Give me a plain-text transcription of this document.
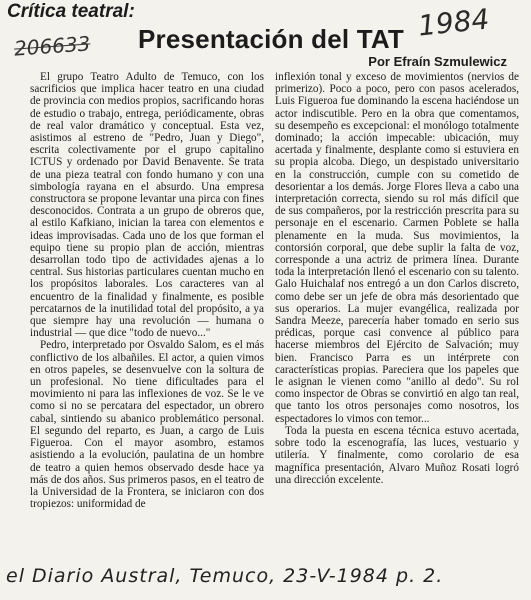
Crítica teatral:
206633
1984
Presentación del TAT
Por Efraín Szmulewicz

El grupo Teatro Adulto de Temuco, con los sacrificios que implica hacer teatro en una ciudad de provincia con medios propios, sacrificando horas de estudio o trabajo, entrega, periódicamente, obras de real valor dramático y conceptual. Esta vez, asistimos al estreno de "Pedro, Juan y Diego", escrita colectivamente por el grupo capitalino ICTUS y ordenado por David Benavente. Se trata de una pieza teatral con fondo humano y con una simbología rayana en el absurdo. Una empresa constructora se propone levantar una pirca con fines desconocidos. Contrata a un grupo de obreros que, al estilo Kafkiano, inician la tarea con elementos e ideas improvisadas. Cada uno de los que forman el equipo tiene su propio plan de acción, mientras desarrollan todo tipo de actividades ajenas a lo central. Sus historias particulares cuentan mucho en los propósitos laborales. Los caracteres van al encuentro de la finalidad y finalmente, es posible percatarnos de la inutilidad total del propósito, a ya que siempre hay una revolución — humana o industrial — que dice "todo de nuevo..."

Pedro, interpretado por Osvaldo Salom, es el más conflictivo de los albañiles. El actor, a quien vimos en otros papeles, se desenvuelve con la soltura de un profesional. No tiene dificultades para el movimiento ni para las inflexiones de voz. Se le ve como si no se percatara del espectador, un obrero cabal, sintiendo su abanico problemático personal. El segundo del reparto, es Juan, a cargo de Luis Figueroa. Con el mayor asombro, estamos asistiendo a la evolución, paulatina de un hombre de teatro a quien hemos observado desde hace ya más de dos años. Sus primeros pasos, en el teatro de la Universidad de la Frontera, se iniciaron con dos tropiezos: uniformidad de

inflexión tonal y exceso de movimientos (nervios de primerizo). Poco a poco, pero con pasos acelerados, Luis Figueroa fue dominando la escena haciéndose un actor indiscutible. Pero en la obra que comentamos, su desempeño es excepcional: el monólogo totalmente dominado; la acción impecable: ubicación, muy acertada y finalmente, desplante como si estuviera en su propia alcoba. Diego, un despistado universitario en la construcción, cumple con su cometido de desorientar a los demás. Jorge Flores lleva a cabo una interpretación correcta, siendo su rol más difícil que de sus compañeros, por la restricción prescrita para su personaje en el escenario. Carmen Poblete se halla plenamente en la muda. Sus movimientos, la contorsión corporal, que debe suplir la falta de voz, corresponde a una actriz de primera línea. Durante toda la interpretación llenó el escenario con su talento. Galo Huichalaf nos entregó a un don Carlos discreto, como debe ser un jefe de obra más desorientado que sus operarios. La mujer evangélica, realizada por Sandra Meeze, parecería haber tomado en serio sus prédicas, porque casi convence al público para hacerse miembros del Ejército de Salvación; muy bien. Francisco Parra es un intérprete con características propias. Pareciera que los papeles que le asignan le vienen como "anillo al dedo". Su rol como inspector de Obras se convirtió en algo tan real, que tanto los otros personajes como nosotros, los espectadores lo vimos con temor...

Toda la puesta en escena técnica estuvo acertada, sobre todo la escenografía, las luces, vestuario y utilería. Y finalmente, como corolario de esa magnífica presentación, Alvaro Muñoz Rosati logró una dirección excelente.

el Diario Austral, Temuco, 23-V-1984 p. 2.
